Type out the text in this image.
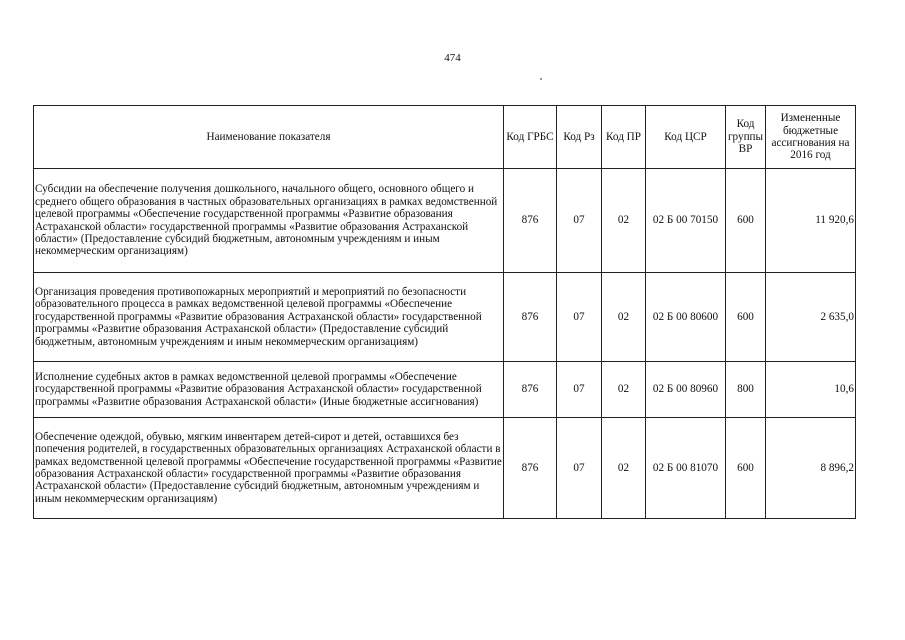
474
Наименование показателя	Код ГРБС	Код Рз	Код ПР	Код ЦСР	Код группы ВР	Измененные бюджетные ассигнования на 2016 год
Субсидии на обеспечение получения дошкольного, начального общего, основного общего и среднего общего образования в частных образовательных организациях в рамках ведомственной целевой программы «Обеспечение государственной программы «Развитие образования Астраханской области» государственной программы «Развитие образования Астраханской области» (Предоставление субсидий бюджетным, автономным учреждениям и иным некоммерческим организациям)	876	07	02	02 Б 00 70150	600	11 920,6
Организация проведения противопожарных мероприятий и мероприятий по безопасности образовательного процесса в рамках ведомственной целевой программы «Обеспечение государственной программы «Развитие образования Астраханской области» государственной программы «Развитие образования Астраханской области» (Предоставление субсидий бюджетным, автономным учреждениям и иным некоммерческим организациям)	876	07	02	02 Б 00 80600	600	2 635,0
Исполнение судебных актов в рамках ведомственной целевой программы «Обеспечение государственной программы «Развитие образования Астраханской области» государственной программы «Развитие образования Астраханской области» (Иные бюджетные ассигнования)	876	07	02	02 Б 00 80960	800	10,6
Обеспечение одеждой, обувью, мягким инвентарем детей-сирот и детей, оставшихся без попечения родителей, в государственных образовательных организациях Астраханской области в рамках ведомственной целевой программы «Обеспечение государственной программы «Развитие образования Астраханской области» государственной программы «Развитие образования Астраханской области» (Предоставление субсидий бюджетным, автономным учреждениям и иным некоммерческим организациям)	876	07	02	02 Б 00 81070	600	8 896,2
